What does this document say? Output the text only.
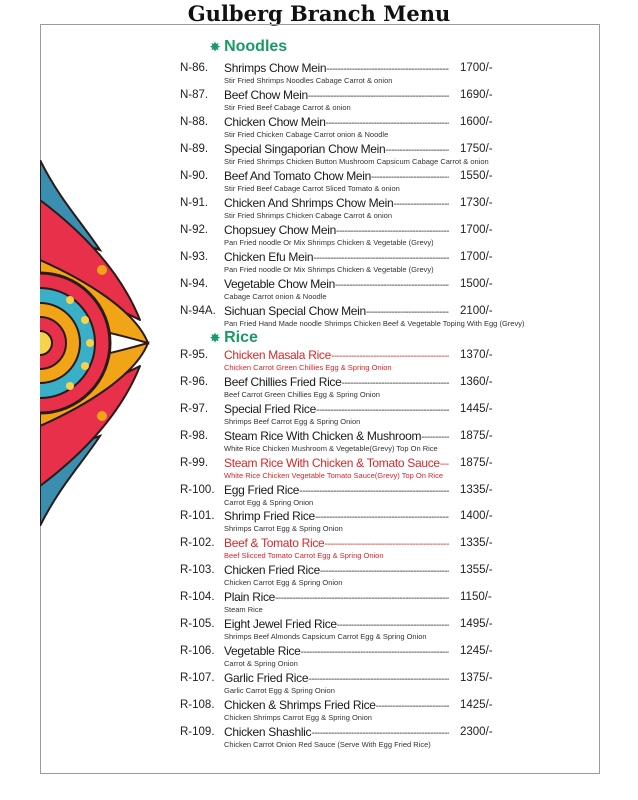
Gulberg Branch Menu
✸ Noodles
✸ Rice
N-86. Shrimps Chow Mein -----	1700/-
Stir Fried Shrimps Noodles Cabage Carrot & onion
N-87. Beef Chow Mein -----	1690/-
Stir Fried Beef Cabage Carrot & onion
N-88. Chicken Chow Mein -----	1600/-
Stir Fried Chicken Cabage Carrot onion & Noodle
N-89. Special Singaporian Chow Mein -----	1750/-
Stir Fried Shrimps Chicken Button Mushroom Capsicum Cabage Carrot & onion
N-90. Beef And Tomato Chow Mein -----	1550/-
Stir Fried Beef Cabage Carrot Sliced Tomato & onion
N-91. Chicken And Shrimps Chow Mein -----	1730/-
Stir Fried Shrimps Chicken Cabage Carrot & onion
N-92. Chopsuey Chow Mein -----	1700/-
Pan Fried noodle Or Mix Shrimps Chicken & Vegetable (Grevy)
N-93. Chicken Efu Mein -----	1700/-
Pan Fried noodle Or Mix Shrimps Chicken & Vegetable (Grevy)
N-94. Vegetable Chow Mein -----	1500/-
Cabage Carrot onion & Noodle
N-94A. Sichuan Special Chow Mein -----	2100/-
Pan Fried Hand Made noodle Shrimps Chicken Beef & Vegetable Toping With Egg (Grevy)
R-95. Chicken Masala Rice -----	1370/-
Chicken Carrot Green Chillies Egg & Spring Onion
R-96. Beef Chillies Fried Rice -----	1360/-
Beef Carrot Green Chillies Egg & Spring Onion
R-97. Special Fried Rice -----	1445/-
Shrimps Beef Carrot Egg & Spring Onion
R-98. Steam Rice With Chicken & Mushroom -----	1875/-
White Rice Chicken Mushroom & Vegetable(Grevy) Top On Rice
R-99. Steam Rice With Chicken & Tomato Sauce -----	1875/-
White Rice Chicken Vegetable Tomato Sauce(Grevy) Top On Rice
R-100. Egg Fried Rice -----	1335/-
Carrot Egg & Spring Onion
R-101. Shrimp Fried Rice -----	1400/-
Shrimps Carrot Egg & Spring Onion
R-102. Beef & Tomato Rice -----	1335/-
Beef Slicced Tomato Carrot Egg & Spring Onion
R-103. Chicken Fried Rice -----	1355/-
Chicken Carrot Egg & Spring Onion
R-104. Plain Rice -----	1150/-
Steam Rice
R-105. Eight Jewel Fried Rice -----	1495/-
Shrimps Beef Almonds Capsicum Carrot Egg & Spring Onion
R-106. Vegetable Rice -----	1245/-
Carrot & Spring Onion
R-107. Garlic Fried Rice -----	1375/-
Garlic Carrot Egg & Spring Onion
R-108. Chicken & Shrimps Fried Rice -----	1425/-
Chicken Shrimps Carrot Egg & Spring Onion
R-109. Chicken Shashlic -----	2300/-
Chicken Carrot Onion Red Sauce (Serve With Egg Fried Rice)
